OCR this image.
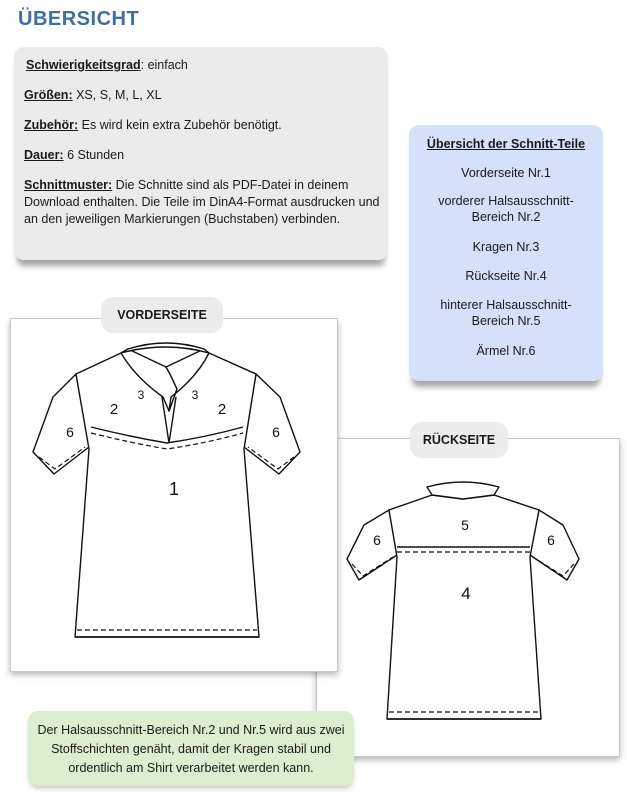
ÜBERSICHT
Schwierigkeitsgrad: einfach
Größen: XS, S, M, L, XL
Zubehör: Es wird kein extra Zubehör benötigt.
Dauer: 6 Stunden
Schnittmuster: Die Schnitte sind als PDF-Datei in deinem Download enthalten. Die Teile im DinA4-Format ausdrucken und an den jeweiligen Markierungen (Buchstaben) verbinden.
Übersicht der Schnitt-Teile
Vorderseite Nr.1
vorderer Halsausschnitt-Bereich Nr.2
Kragen Nr.3
Rückseite Nr.4
hinterer Halsausschnitt-Bereich Nr.5
Ärmel Nr.6
5
4
6	6
RÜCKSEITE
2	2
3	3
6	6
1
VORDERSEITE
Der Halsausschnitt-Bereich Nr.2 und Nr.5 wird aus zwei Stoffschichten genäht, damit der Kragen stabil und ordentlich am Shirt verarbeitet werden kann.
